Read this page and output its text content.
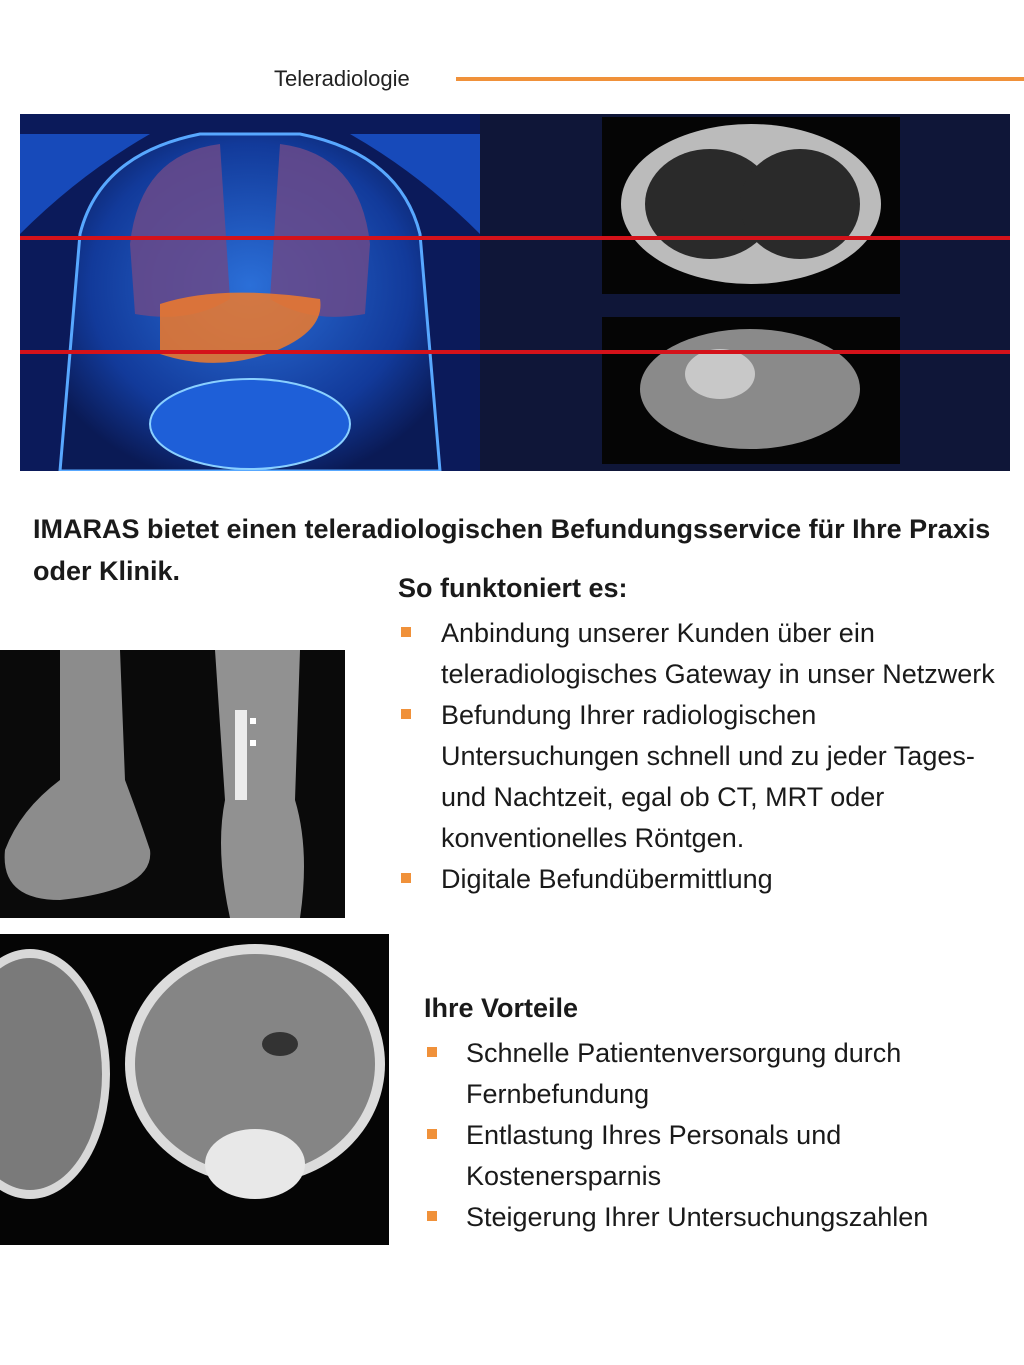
Teleradiologie
IMARAS bietet einen teleradiologischen Befundungsservice für Ihre Praxis oder Klinik.
So funktoniert es:
Anbindung unserer Kunden über ein teleradiologisches Gateway in unser Netzwerk
Befundung Ihrer radiologischen Untersuchungen schnell und zu jeder Tages- und Nachtzeit, egal ob CT, MRT oder konventionelles Röntgen.
Digitale Befundübermittlung
Ihre Vorteile
Schnelle Patientenversorgung durch Fernbefundung
Entlastung Ihres Personals und Kostenersparnis
Steigerung Ihrer Untersuchungszahlen
